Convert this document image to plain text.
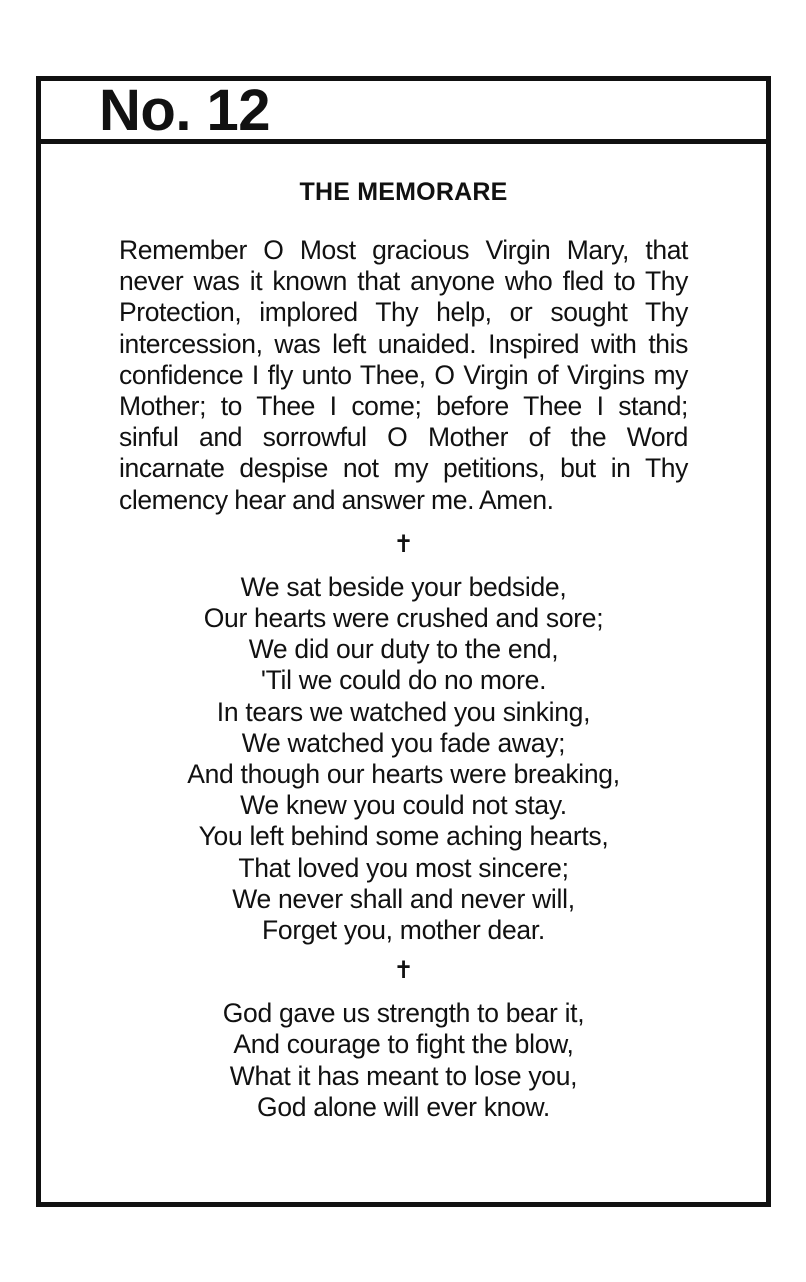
No. 12
THE MEMORARE
Remember O Most gracious Virgin Mary, that never was it known that anyone who fled to Thy Protection, implored Thy help, or sought Thy intercession, was left unaided. Inspired with this confidence I fly unto Thee, O Virgin of Virgins my Mother; to Thee I come; before Thee I stand; sinful and sorrowful O Mother of the Word incarnate despise not my petitions, but in Thy clemency hear and answer me. Amen.
✝
We sat beside your bedside,
Our hearts were crushed and sore;
We did our duty to the end,
'Til we could do no more.
In tears we watched you sinking,
We watched you fade away;
And though our hearts were breaking,
We knew you could not stay.
You left behind some aching hearts,
That loved you most sincere;
We never shall and never will,
Forget you, mother dear.
✝
God gave us strength to bear it,
And courage to fight the blow,
What it has meant to lose you,
God alone will ever know.
